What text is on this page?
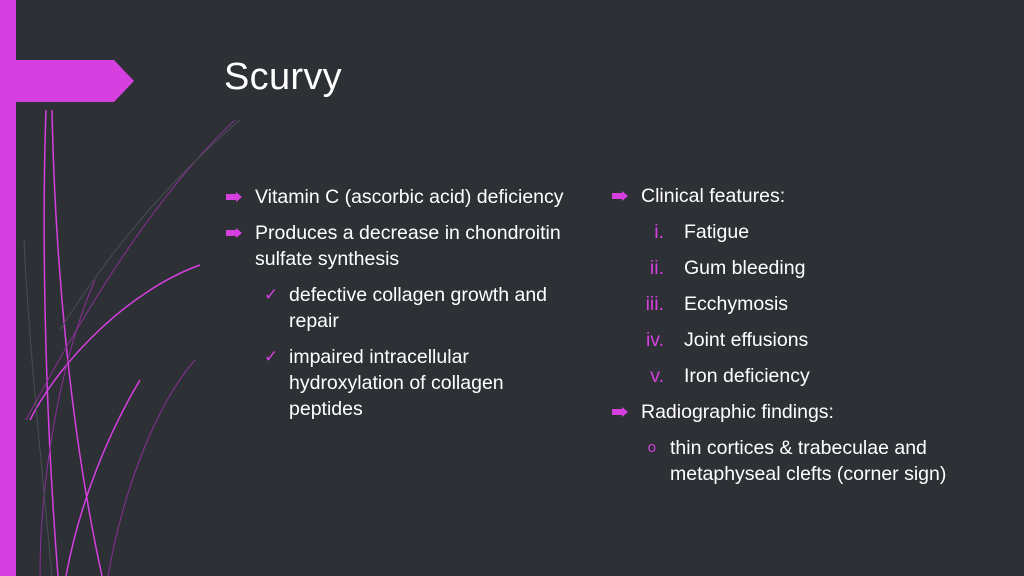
Scurvy
Vitamin C (ascorbic acid) deficiency
Produces a decrease in chondroitin sulfate synthesis
✓ defective collagen growth and repair
✓ impaired intracellular hydroxylation of collagen peptides
Clinical features:
i. Fatigue
ii. Gum bleeding
iii. Ecchymosis
iv. Joint effusions
v. Iron deficiency
Radiographic findings:
o thin cortices & trabeculae and metaphyseal clefts (corner sign)
